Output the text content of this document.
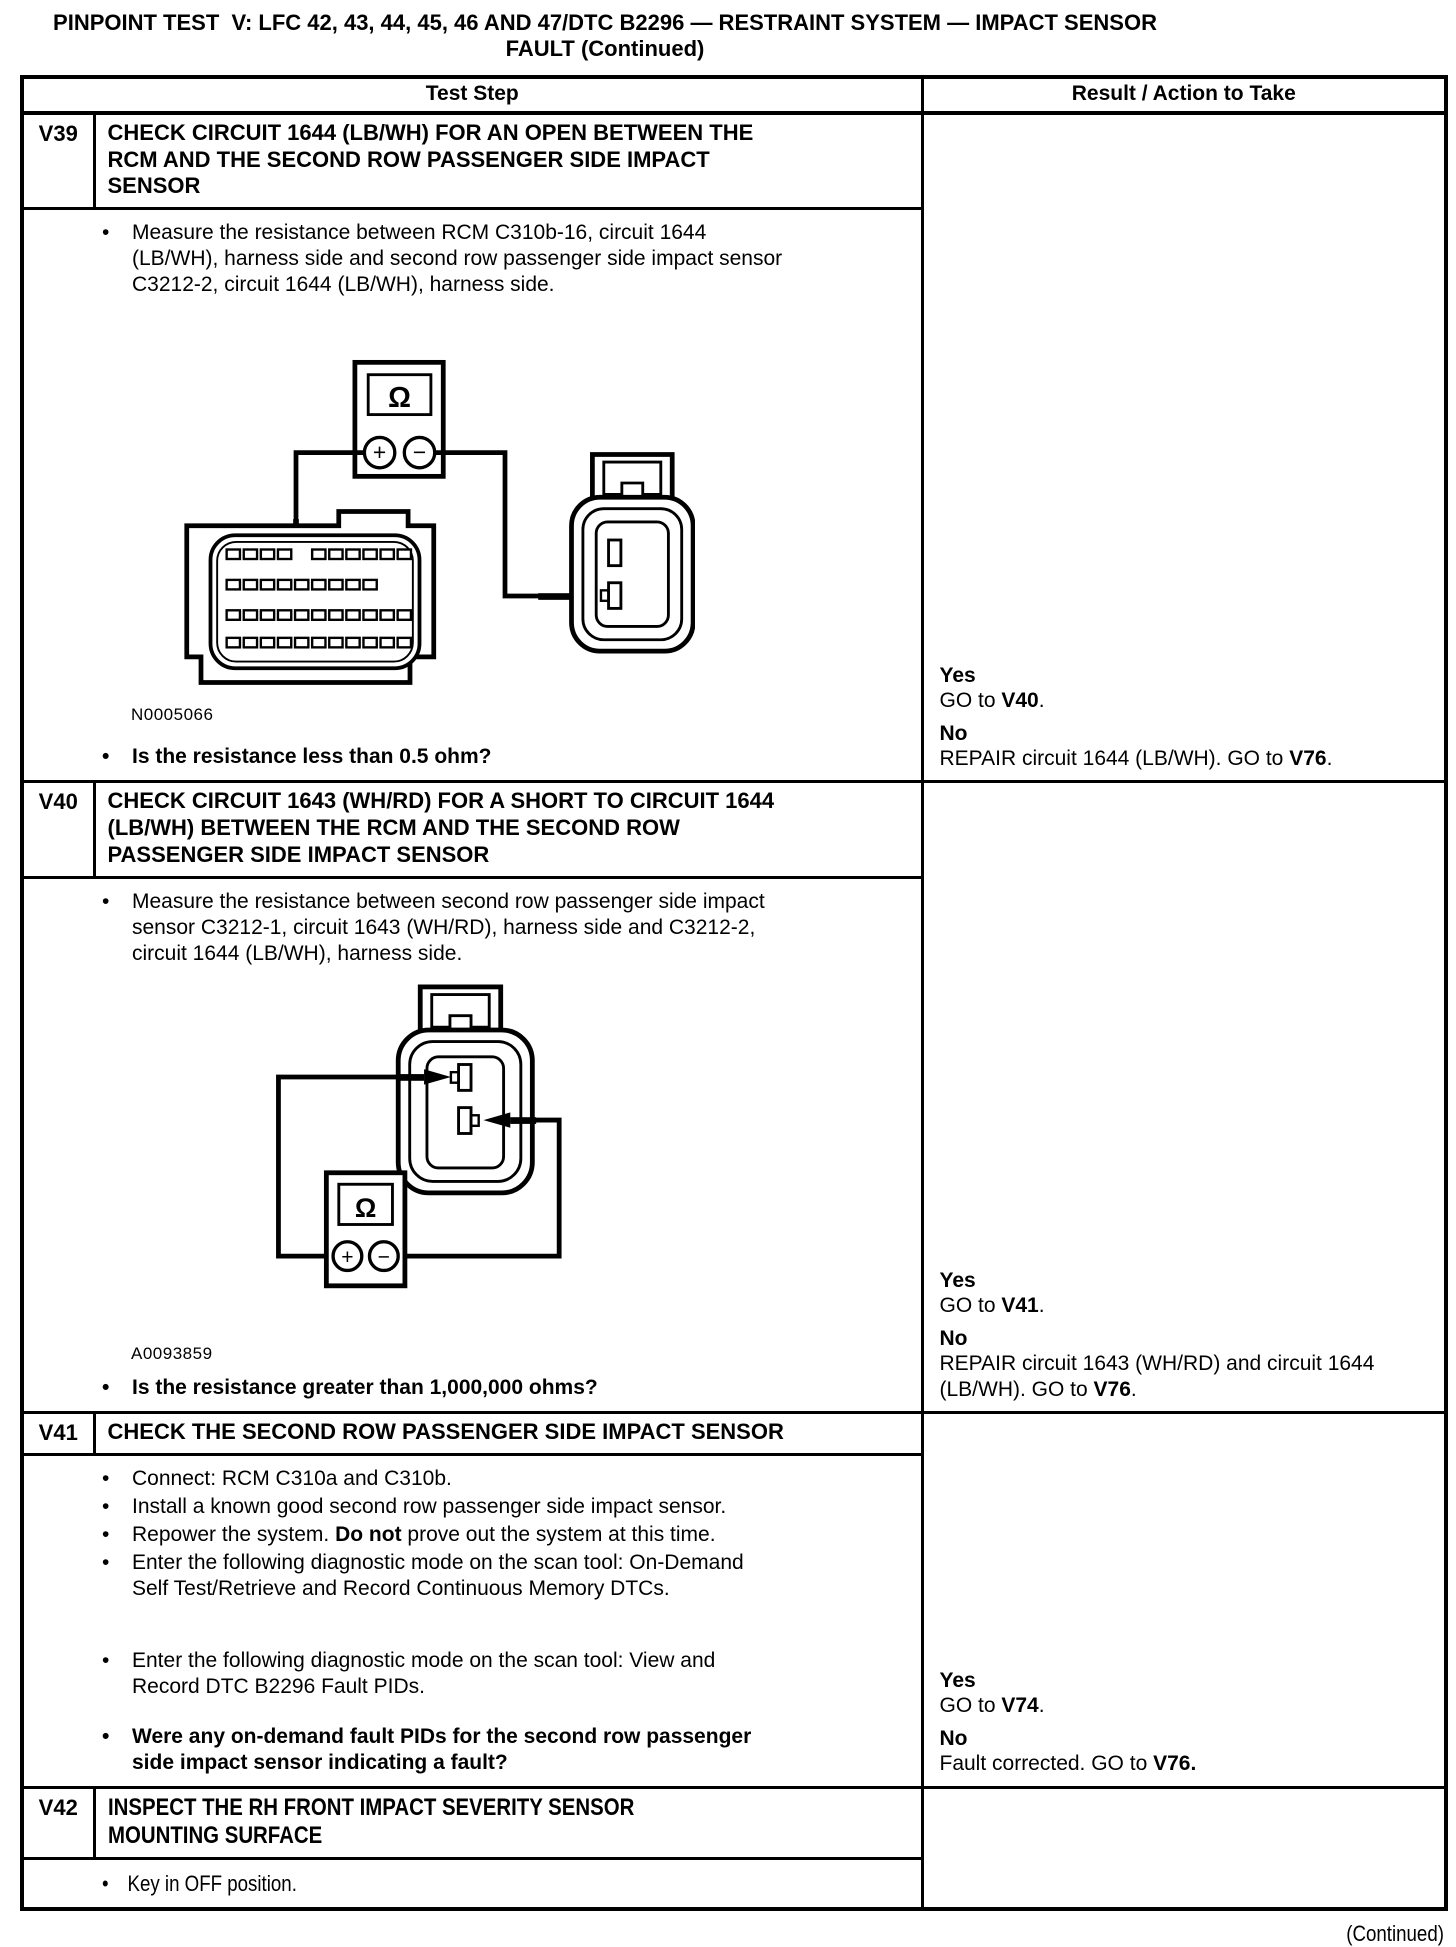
PINPOINT TEST  V: LFC 42, 43, 44, 45, 46 AND 47/DTC B2296 — RESTRAINT SYSTEM — IMPACT SENSOR FAULT (Continued)
Test Step		Result / Action to Take
V39	CHECK CIRCUIT 1644 (LB/WH) FOR AN OPEN BETWEEN THE RCM AND THE SECOND ROW PASSENGER SIDE IMPACT SENSOR	Yes
GO to V40.
No
REPAIR circuit 1644 (LB/WH). GO to V76.

•	Measure the resistance between RCM C310b-16, circuit 1644 (LB/WH), harness side and second row passenger side impact sensor C3212-2, circuit 1644 (LB/WH), harness side.
Ω
+ −
N0005066
•	Is the resistance less than 0.5 ohm?

V40	CHECK CIRCUIT 1643 (WH/RD) FOR A SHORT TO CIRCUIT 1644 (LB/WH) BETWEEN THE RCM AND THE SECOND ROW PASSENGER SIDE IMPACT SENSOR	Yes
GO to V41.
No
REPAIR circuit 1643 (WH/RD) and circuit 1644 (LB/WH). GO to V76.

•	Measure the resistance between second row passenger side impact sensor C3212-1, circuit 1643 (WH/RD), harness side and C3212-2, circuit 1644 (LB/WH), harness side.
Ω
+ −
A0093859
•	Is the resistance greater than 1,000,000 ohms?

V41	CHECK THE SECOND ROW PASSENGER SIDE IMPACT SENSOR	Yes
GO to V74.
No
Fault corrected. GO to V76.

•	Connect: RCM C310a and C310b.
•	Install a known good second row passenger side impact sensor.
•	Repower the system. Do not prove out the system at this time.
•	Enter the following diagnostic mode on the scan tool: On-Demand Self Test/Retrieve and Record Continuous Memory DTCs.
•	Enter the following diagnostic mode on the scan tool: View and Record DTC B2296 Fault PIDs.
•	Were any on-demand fault PIDs for the second row passenger side impact sensor indicating a fault?

V42	INSPECT THE RH FRONT IMPACT SEVERITY SENSOR MOUNTING SURFACE	

• Key in OFF position.		
(Continued)
